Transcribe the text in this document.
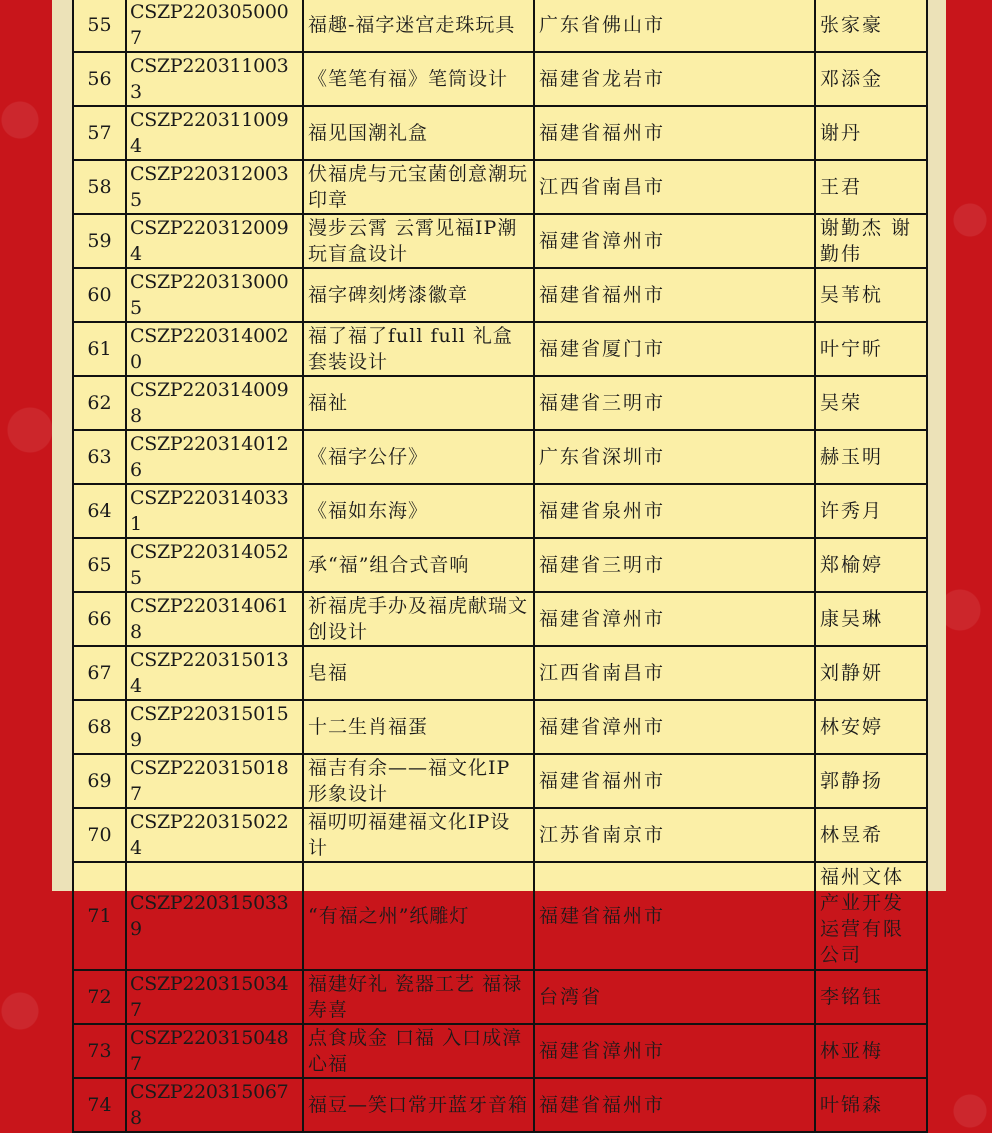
55	CSZP2203050007	福趣-福字迷宫走珠玩具	广东省佛山市	张家豪
56	CSZP2203110033	《笔笔有福》笔筒设计	福建省龙岩市	邓添金
57	CSZP2203110094	福见国潮礼盒	福建省福州市	谢丹
58	CSZP2203120035	伏福虎与元宝菌创意潮玩印章	江西省南昌市	王君
59	CSZP2203120094	漫步云霄 云霄见福IP潮玩盲盒设计	福建省漳州市	谢勤杰 谢勤伟
60	CSZP2203130005	福字碑刻烤漆徽章	福建省福州市	吴苇杭
61	CSZP2203140020	福了福了full full 礼盒套装设计	福建省厦门市	叶宁昕
62	CSZP2203140098	福祉	福建省三明市	吴荣
63	CSZP2203140126	《福字公仔》	广东省深圳市	赫玉明
64	CSZP2203140331	《福如东海》	福建省泉州市	许秀月
65	CSZP2203140525	承“福”组合式音响	福建省三明市	郑榆婷
66	CSZP2203140618	祈福虎手办及福虎献瑞文创设计	福建省漳州市	康吴琳
67	CSZP2203150134	皂福	江西省南昌市	刘静妍
68	CSZP2203150159	十二生肖福蛋	福建省漳州市	林安婷
69	CSZP2203150187	福吉有余——福文化IP形象设计	福建省福州市	郭静扬
70	CSZP2203150224	福叨叨福建福文化IP设计	江苏省南京市	林昱希
71	CSZP2203150339	“有福之州”纸雕灯	福建省福州市	福州文体产业开发运营有限公司
72	CSZP2203150347	福建好礼 瓷器工艺 福禄寿喜	台湾省	李铭钰
73	CSZP2203150487	点食成金 口福 入口成漳 心福	福建省漳州市	林亚梅
74	CSZP2203150678	福豆—笑口常开蓝牙音箱	福建省福州市	叶锦森
